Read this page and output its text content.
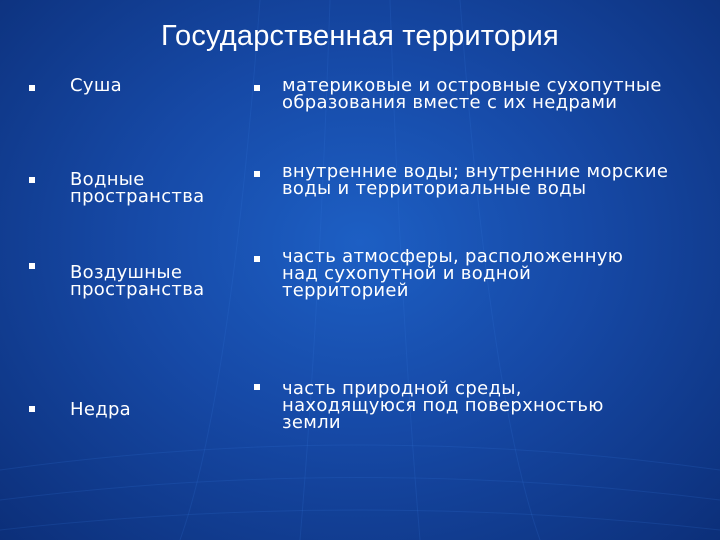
Государственная территория
Суша	материковые и островные сухопутные образования вместе с их недрами
Водные пространства
внутренние воды; внутренние морские воды и территориальные воды
Воздушные пространства
часть атмосферы, расположенную над сухопутной и водной территорией
Недра
часть природной среды, находящуюся под поверхностью земли
